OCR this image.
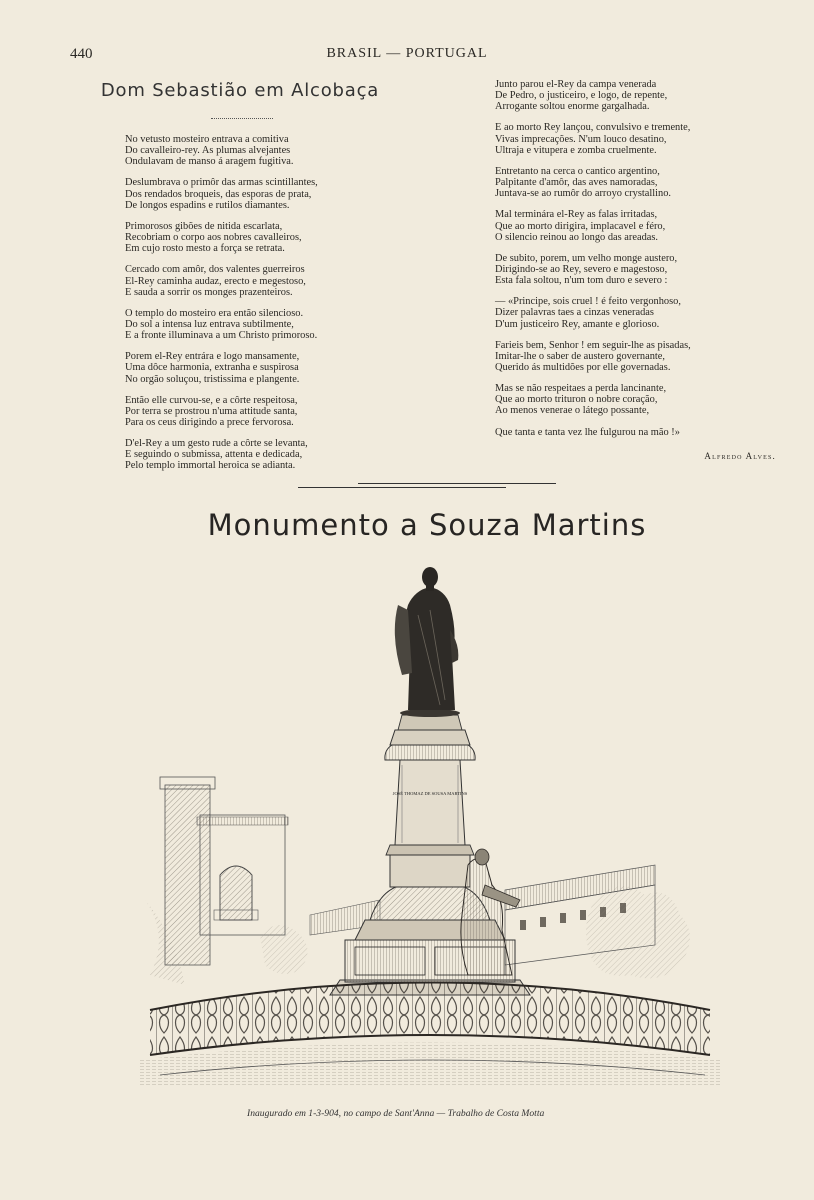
440	BRASIL — PORTUGAL
Dom Sebastião em Alcobaça
No vetusto mosteiro entrava a comitiva
Do cavalleiro-rey. As plumas alvejantes
Ondulavam de manso á aragem fugitiva.
Deslumbrava o primôr das armas scintillantes,
Dos rendados broqueis, das esporas de prata,
De longos espadins e rutilos diamantes.
Primorosos gibões de nitida escarlata,
Recobriam o corpo aos nobres cavalleiros,
Em cujo rosto mesto a força se retrata.
Cercado com amôr, dos valentes guerreiros
El-Rey caminha audaz, erecto e megestoso,
E sauda a sorrir os monges prazenteiros.
O templo do mosteiro era então silencioso.
Do sol a intensa luz entrava subtilmente,
E a fronte illuminava a um Christo primoroso.
Porem el-Rey entrára e logo mansamente,
Uma dôce harmonia, extranha e suspirosa
No orgão soluçou, tristissima e plangente.
Então elle curvou-se, e a côrte respeitosa,
Por terra se prostrou n'uma attitude santa,
Para os ceus dirigindo a prece fervorosa.
D'el-Rey a um gesto rude a côrte se levanta,
E seguindo o submissa, attenta e dedicada,
Pelo templo immortal heroica se adianta.
Junto parou el-Rey da campa venerada
De Pedro, o justiceiro, e logo, de repente,
Arrogante soltou enorme gargalhada.
E ao morto Rey lançou, convulsivo e tremente,
Vivas imprecações. N'um louco desatino,
Ultraja e vitupera e zomba cruelmente.
Entretanto na cerca o cantico argentino,
Palpitante d'amôr, das aves namoradas,
Juntava-se ao rumôr do arroyo crystallino.
Mal terminára el-Rey as falas irritadas,
Que ao morto dirigira, implacavel e féro,
O silencio reinou ao longo das areadas.
De subito, porem, um velho monge austero,
Dirigindo-se ao Rey, severo e magestoso,
Esta fala soltou, n'um tom duro e severo :
— «Principe, sois cruel ! é feito vergonhoso,
Dizer palavras taes a cinzas veneradas
D'um justiceiro Rey, amante e glorioso.
Farieis bem, Senhor ! em seguir-lhe as pisadas,
Imitar-lhe o saber de austero governante,
Querido ás multidões por elle governadas.
Mas se não respeitaes a perda lancinante,
Que ao morto trituron o nobre coração,
Ao menos venerae o látego possante,
Que tanta e tanta vez lhe fulgurou na mão !»
Alfredo Alves.
Monumento a Souza Martins
JOSÉ THOMAZ DE SOUSA MARTINS
Inaugurado em 1-3-904, no campo de Sant'Anna — Trabalho de Costa Motta
